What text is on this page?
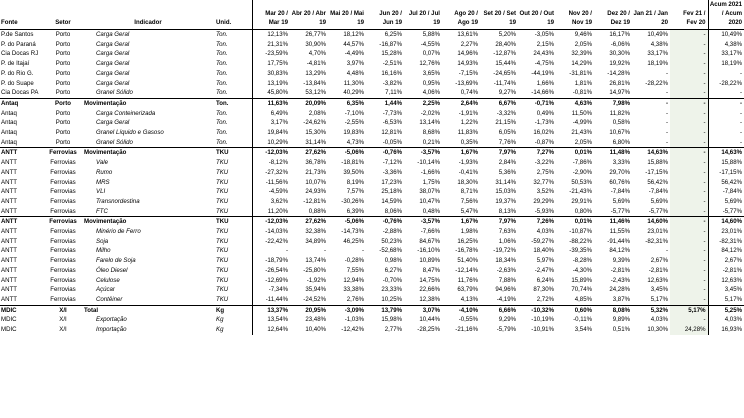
Fonte	Setor	Indicador	Unid.	Mar 20 / Mar 19	Abr 20 / Abr 19	Mai 20 / Mai 19	Jun 20 / Jun 19	Jul 20 / Jul 19	Ago 20 / Ago 19	Set 20 / Set 19	Out 20 / Out 19	Nov 20 / Nov 19	Dez 20 / Dez 19	Jan 21 / Jan 20	Fev 21 / Fev 20	Acum 2021 / Acum 2020
P.de Santos	Porto	Carga Geral	Ton.	12,13%	26,77%	18,12%	6,25%	5,88%	13,61%	5,20%	-3,05%	9,46%	16,17%	10,49%	-	10,49%
P. do Paraná	Porto	Carga Geral	Ton.	21,31%	30,90%	44,57%	-16,87%	-4,55%	2,27%	28,40%	2,15%	2,05%	-6,06%	4,38%	-	4,38%
Cia Docas RJ	Porto	Carga Geral	Ton.	-23,59%	4,70%	-4,49%	15,28%	0,07%	14,96%	-12,87%	24,43%	32,39%	30,30%	33,17%	-	33,17%
P. de Itajaí	Porto	Carga Geral	Ton.	17,75%	-4,81%	3,97%	-2,51%	12,76%	14,93%	15,44%	-4,75%	14,29%	19,92%	18,19%	-	18,19%
P. do Rio G.	Porto	Carga Geral	Ton.	30,83%	13,29%	4,48%	16,16%	3,65%	-7,15%	-24,65%	-44,19%	-31,81%	-14,28%	-	-	-
P. do Suape	Porto	Carga Geral	Ton.	13,19%	-13,84%	11,30%	-3,82%	0,95%	-13,69%	-11,74%	1,66%	1,81%	26,81%	-28,22%	-	-28,22%
Cia Docas PA	Porto	Granel Sólido	Ton.	45,80%	53,12%	40,29%	7,11%	4,06%	0,74%	9,27%	-14,66%	-0,81%	14,97%	-	-	-
Antaq	Porto	Movimentação	Ton.	11,63%	20,09%	6,35%	1,44%	2,25%	2,64%	6,67%	-0,71%	4,63%	7,98%	-	-	-
Antaq	Porto	Carga Conteinerizada	Ton.	6,49%	2,08%	-7,10%	-7,73%	-2,02%	-1,91%	-3,32%	0,49%	11,50%	11,82%	-	-	-
Antaq	Porto	Carga Geral	Ton.	3,17%	-24,62%	-2,55%	-6,53%	13,14%	1,22%	21,15%	-1,73%	-4,99%	0,58%	-	-	-
Antaq	Porto	Granel Líquido e Gasoso	Ton.	19,84%	15,30%	19,83%	12,81%	8,68%	11,83%	6,05%	16,02%	21,43%	10,67%	-	-	-
Antaq	Porto	Granel Sólido	Ton.	10,29%	31,14%	4,73%	-0,05%	0,21%	0,35%	7,76%	-0,87%	2,05%	6,80%	-	-	-
ANTT	Ferrovias	Movimentação	TKU	-12,03%	27,62%	-5,06%	-0,76%	-3,57%	1,67%	7,97%	7,27%	0,01%	11,48%	14,63%	-	14,63%
ANTT	Ferrovias	Vale	TKU	-8,12%	36,78%	-18,81%	-7,12%	-10,14%	-1,93%	2,84%	-3,22%	-7,86%	3,33%	15,88%	-	15,88%
ANTT	Ferrovias	Rumo	TKU	-27,32%	21,73%	39,50%	-3,36%	-1,66%	-0,41%	5,36%	2,75%	-2,90%	29,70%	-17,15%	-	-17,15%
ANTT	Ferrovias	MRS	TKU	-11,56%	10,07%	8,19%	17,23%	1,75%	18,30%	31,14%	32,77%	50,53%	60,76%	56,42%	-	56,42%
ANTT	Ferrovias	VLI	TKU	-4,59%	24,93%	7,57%	25,18%	38,07%	8,71%	15,03%	3,52%	-21,43%	-7,84%	-7,84%	-	-7,84%
ANTT	Ferrovias	Transnordestina	TKU	3,62%	-12,81%	-30,26%	14,59%	10,47%	7,56%	19,37%	29,29%	29,91%	5,69%	5,69%	-	5,69%
ANTT	Ferrovias	FTC	TKU	11,20%	0,88%	6,39%	8,06%	0,48%	5,47%	8,13%	-5,93%	0,80%	-5,77%	-5,77%	-	-5,77%
ANTT	Ferrovias	Movimentação	TKU	-12,03%	27,62%	-5,06%	-0,76%	-3,57%	1,67%	7,97%	7,26%	0,01%	11,46%	14,60%	-	14,60%
ANTT	Ferrovias	Minério de Ferro	TKU	-14,03%	32,38%	-14,73%	-2,88%	-7,66%	1,98%	7,63%	4,03%	-10,87%	11,55%	23,01%	-	23,01%
ANTT	Ferrovias	Soja	TKU	-22,42%	34,89%	46,25%	50,23%	84,67%	16,25%	1,06%	-59,27%	-88,22%	-91,44%	-82,31%	-	-82,31%
ANTT	Ferrovias	Milho	TKU	-	-	-	-52,68%	-16,10%	-16,78%	-19,72%	18,40%	-39,35%	84,12%	-	-	84,12%
ANTT	Ferrovias	Farelo de Soja	TKU	-18,79%	13,74%	-0,28%	0,98%	10,89%	51,40%	18,34%	5,97%	-8,28%	9,39%	2,67%	-	2,67%
ANTT	Ferrovias	Óleo Diesel	TKU	-26,54%	-25,80%	7,55%	6,27%	8,47%	-12,14%	-2,63%	-2,47%	-4,30%	-2,81%	-2,81%	-	-2,81%
ANTT	Ferrovias	Celulose	TKU	-12,69%	-1,92%	12,94%	-0,70%	14,75%	11,76%	7,88%	6,24%	15,89%	-2,43%	12,63%	-	12,63%
ANTT	Ferrovias	Açúcar	TKU	-7,34%	35,94%	33,38%	23,33%	22,66%	63,79%	94,96%	87,30%	70,74%	24,28%	3,45%	-	3,45%
ANTT	Ferrovias	Contêiner	TKU	-11,44%	-24,52%	2,76%	10,25%	12,38%	4,13%	-4,19%	2,72%	4,85%	3,87%	5,17%	-	5,17%
MDIC	X/I	Total	Kg	13,37%	20,95%	-3,09%	13,79%	3,07%	-4,10%	6,66%	-10,32%	0,60%	8,08%	5,32%	5,17%	5,25%
MDIC	X/I	Exportação	Kg	13,54%	23,48%	-1,03%	15,98%	10,44%	-0,55%	9,29%	-10,19%	-0,11%	9,89%	4,03%	-	4,03%
MDIC	X/I	Importação	Kg	12,64%	10,40%	-12,42%	2,77%	-28,25%	-21,16%	-5,79%	-10,91%	3,54%	0,51%	10,30%	24,28%	16,93%
